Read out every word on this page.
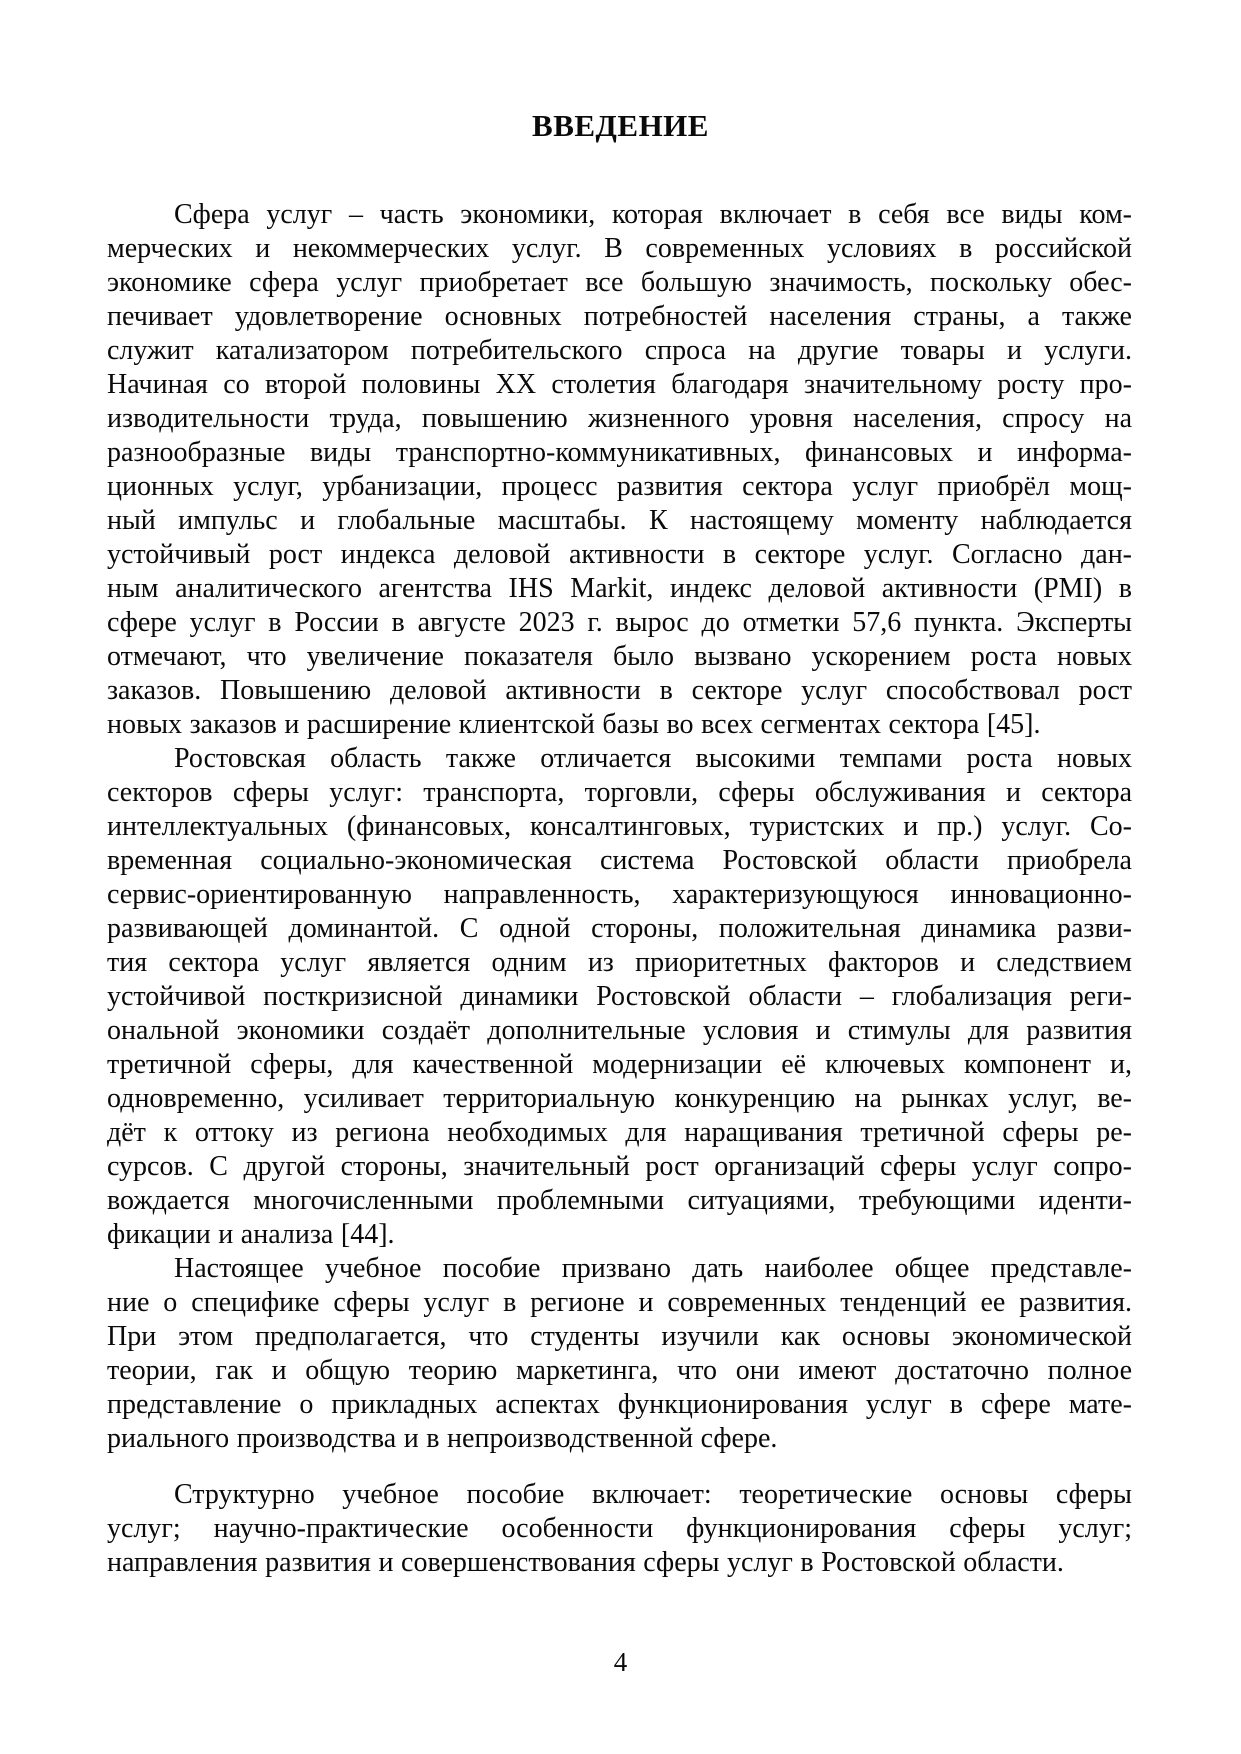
ВВЕДЕНИЕ
Сфера услуг – часть экономики, которая включает в себя все виды ком-
мерческих и некоммерческих услуг. В современных условиях в российской
экономике сфера услуг приобретает все большую значимость, поскольку обес-
печивает удовлетворение основных потребностей населения страны, а также
служит катализатором потребительского спроса на другие товары и услуги.
Начиная со второй половины XX столетия благодаря значительному росту про-
изводительности труда, повышению жизненного уровня населения, спросу на
разнообразные виды транспортно-коммуникативных, финансовых и информа-
ционных услуг, урбанизации, процесс развития сектора услуг приобрёл мощ-
ный импульс и глобальные масштабы. К настоящему моменту наблюдается
устойчивый рост индекса деловой активности в секторе услуг. Согласно дан-
ным аналитического агентства IHS Markit, индекс деловой активности (PMI) в
сфере услуг в России в августе 2023 г. вырос до отметки 57,6 пункта. Эксперты
отмечают, что увеличение показателя было вызвано ускорением роста новых
заказов. Повышению деловой активности в секторе услуг способствовал рост
новых заказов и расширение клиентской базы во всех сегментах сектора [45].
Ростовская область также отличается высокими темпами роста новых
секторов сферы услуг: транспорта, торговли, сферы обслуживания и сектора
интеллектуальных (финансовых, консалтинговых, туристских и пр.) услуг. Со-
временная социально-экономическая система Ростовской области приобрела
сервис-ориентированную направленность, характеризующуюся инновационно-
развивающей доминантой. С одной стороны, положительная динамика разви-
тия сектора услуг является одним из приоритетных факторов и следствием
устойчивой посткризисной динамики Ростовской области – глобализация реги-
ональной экономики создаёт дополнительные условия и стимулы для развития
третичной сферы, для качественной модернизации её ключевых компонент и,
одновременно, усиливает территориальную конкуренцию на рынках услуг, ве-
дёт к оттоку из региона необходимых для наращивания третичной сферы ре-
сурсов. С другой стороны, значительный рост организаций сферы услуг сопро-
вождается многочисленными проблемными ситуациями, требующими иденти-
фикации и анализа [44].
Настоящее учебное пособие призвано дать наиболее общее представле-
ние о специфике сферы услуг в регионе и современных тенденций ее развития.
При этом предполагается, что студенты изучили как основы экономической
теории, гак и общую теорию маркетинга, что они имеют достаточно полное
представление о прикладных аспектах функционирования услуг в сфере мате-
риального производства и в непроизводственной сфере.
Структурно учебное пособие включает: теоретические основы сферы
услуг; научно-практические особенности функционирования сферы услуг;
направления развития и совершенствования сферы услуг в Ростовской области.
4
